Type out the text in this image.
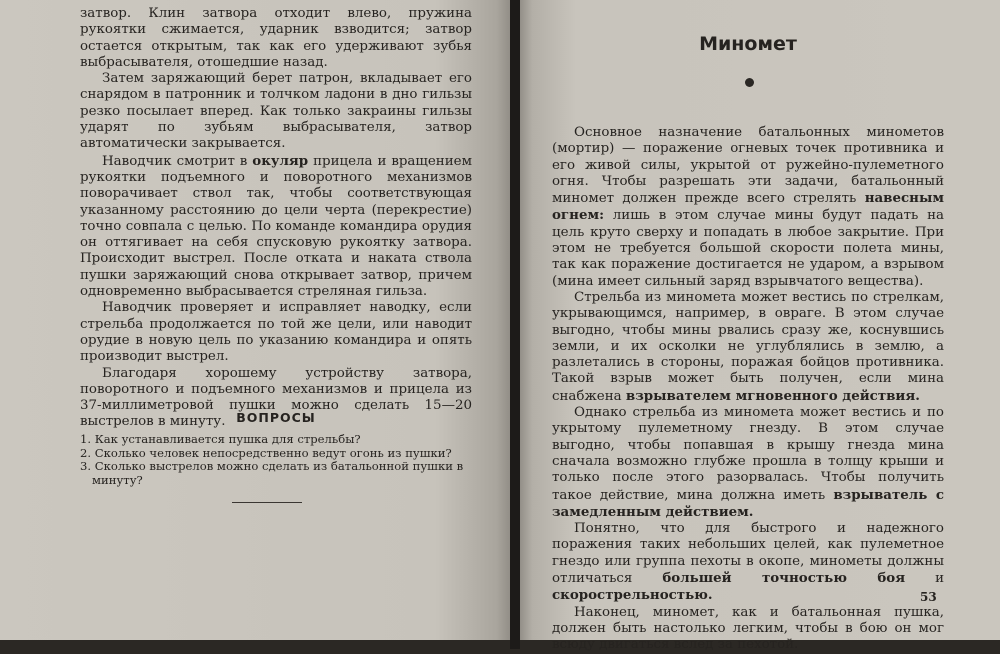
затвор. Клин затвора отходит влево, пружина рукоятки сжимается, ударник взводится; затвор остается открытым, так как его удерживают зубья выбрасывателя, отошедшие назад.

Затем заряжающий берет патрон, вкладывает его снарядом в патронник и толчком ладони в дно гильзы резко посылает вперед. Как только закраины гильзы ударят по зубьям выбрасывателя, затвор автоматически закрывается.

Наводчик смотрит в окуляр прицела и вращением рукоятки подъемного и поворотного механизмов поворачивает ствол так, чтобы соответствующая указанному расстоянию до цели черта (перекрестие) точно совпала с целью. По команде командира орудия он оттягивает на себя спусковую рукоятку затвора. Происходит выстрел. После отката и наката ствола пушки заряжающий снова открывает затвор, причем одновременно выбрасывается стреляная гильза.

Наводчик проверяет и исправляет наводку, если стрельба продолжается по той же цели, или наводит орудие в новую цель по указанию командира и опять производит выстрел.

Благодаря хорошему устройству затвора, поворотного и подъемного механизмов и прицела из 37-миллиметровой пушки можно сделать 15—20 выстрелов в минуту. ВОПРОСЫ
1. Как устанавливается пушка для стрельбы?
2. Сколько человек непосредственно ведут огонь из пушки?
3. Сколько выстрелов можно сделать из батальонной пушки в минуту?
Миномет

Основное назначение батальонных минометов (мортир) — поражение огневых точек противника и его живой силы, укрытой от ружейно-пулеметного огня. Чтобы разрешать эти задачи, батальонный миномет должен прежде всего стрелять навесным огнем: лишь в этом случае мины будут падать на цель круто сверху и попадать в любое закрытие. При этом не требуется большой скорости полета мины, так как поражение достигается не ударом, а взрывом (мина имеет сильный заряд взрывчатого вещества).

Стрельба из миномета может вестись по стрелкам, укрывающимся, например, в овраге. В этом случае выгодно, чтобы мины рвались сразу же, коснувшись земли, и их осколки не углублялись в землю, а разлетались в стороны, поражая бойцов противника. Такой взрыв может быть получен, если мина снабжена взрывателем мгновенного действия.

Однако стрельба из миномета может вестись и по укрытому пулеметному гнезду. В этом случае выгодно, чтобы попавшая в крышу гнезда мина сначала возможно глубже прошла в толщу крыши и только после этого разорвалась. Чтобы получить такое действие, мина должна иметь взрыватель с замедленным действием.

Понятно, что для быстрого и надежного поражения таких небольших целей, как пулеметное гнездо или группа пехоты в окопе, минометы должны отличаться большей точностью боя и скорострельностью.

Наконец, миномет, как и батальонная пушка, должен быть настолько легким, чтобы в бою он мог всюду двигаться вслед за пехотой.

53
